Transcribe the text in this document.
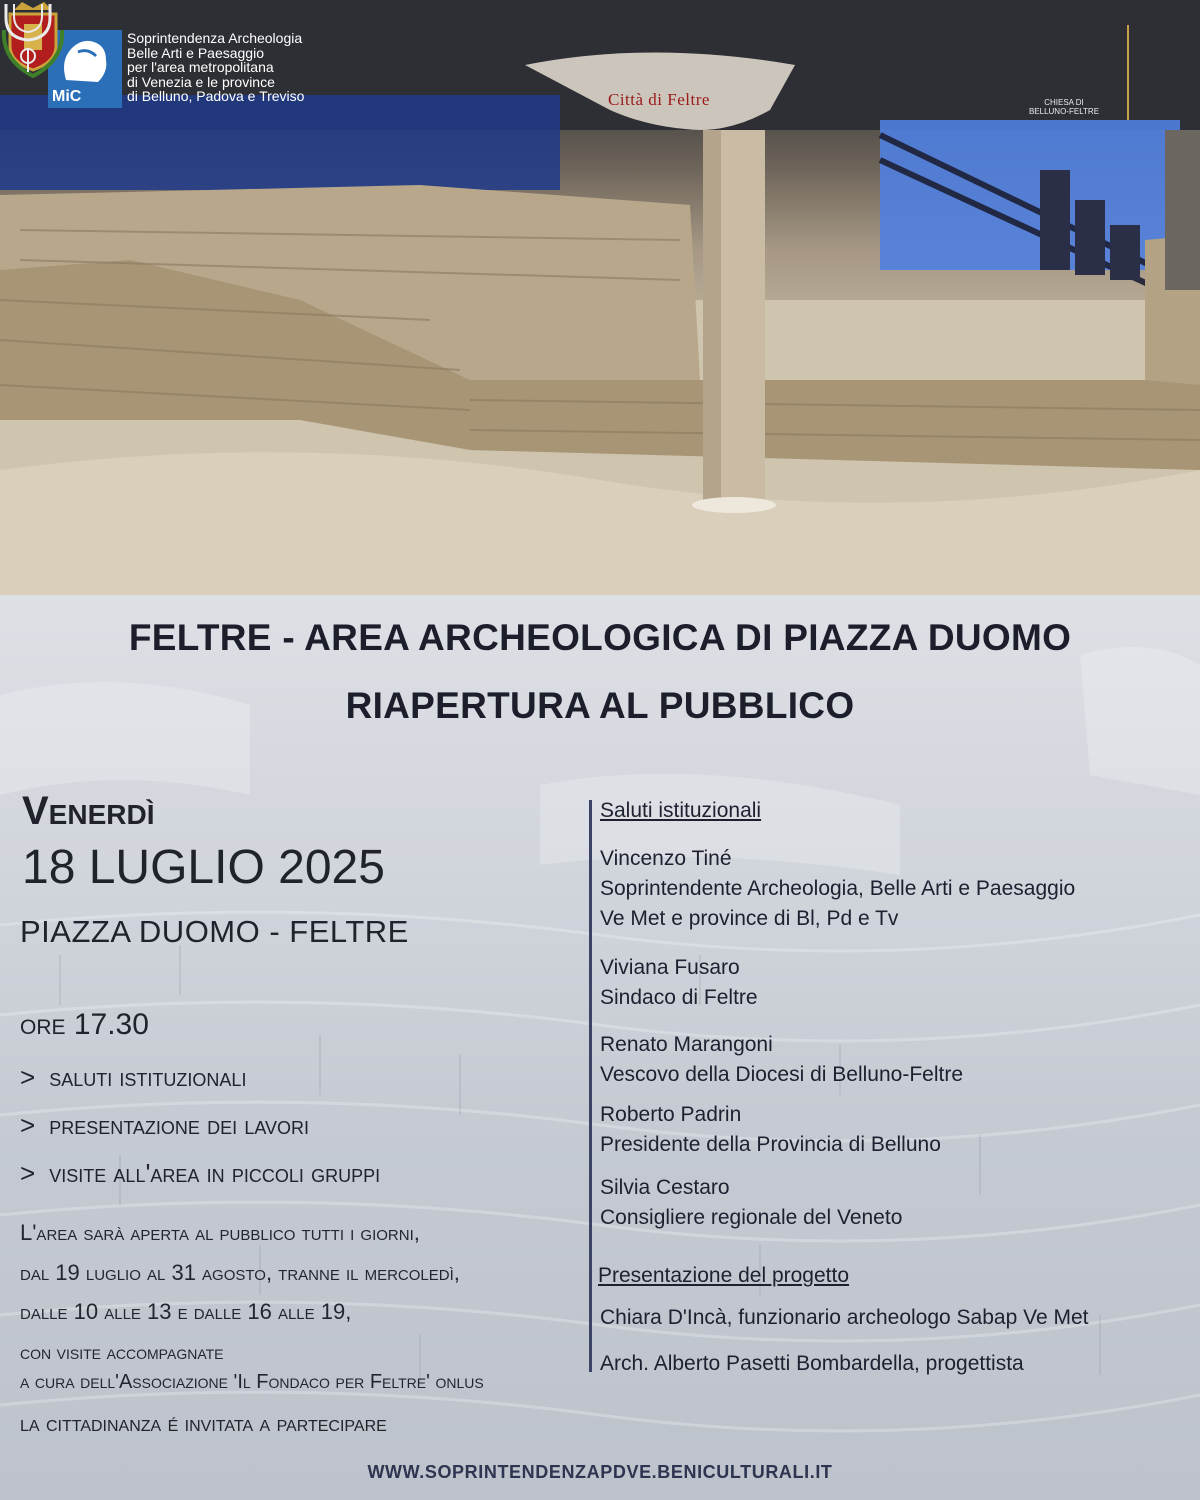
MiC
Soprintendenza Archeologia
Belle Arti e Paesaggio
per l'area metropolitana
di Venezia e le province
di Belluno, Padova e Treviso	Città di Feltre	CHIESA DI
BELLUNO-FELTRE
FELTRE - AREA ARCHEOLOGICA DI PIAZZA DUOMO
RIAPERTURA AL PUBBLICO
Venerdì
18 LUGLIO 2025
PIAZZA DUOMO - FELTRE
ore 17.30
> saluti istituzionali
> presentazione dei lavori
> visite all'area in piccoli gruppi
L'area sarà aperta al pubblico tutti i giorni,
dal 19 luglio al 31 agosto, tranne il mercoledì,
dalle 10 alle 13 e dalle 16 alle 19,
con visite accompagnate
a cura dell'Associazione 'Il Fondaco per Feltre' onlus
la cittadinanza é invitata a partecipare
Saluti istituzionali
Vincenzo Tiné
Soprintendente Archeologia, Belle Arti e Paesaggio
Ve Met e province di Bl, Pd e Tv
Viviana Fusaro
Sindaco di Feltre
Renato Marangoni
Vescovo della Diocesi di Belluno-Feltre
Roberto Padrin
Presidente della Provincia di Belluno
Silvia Cestaro
Consigliere regionale del Veneto
Presentazione del progetto
Chiara D'Incà, funzionario archeologo Sabap Ve Met
Arch. Alberto Pasetti Bombardella, progettista
WWW.SOPRINTENDENZAPDVE.BENICULTURALI.IT
